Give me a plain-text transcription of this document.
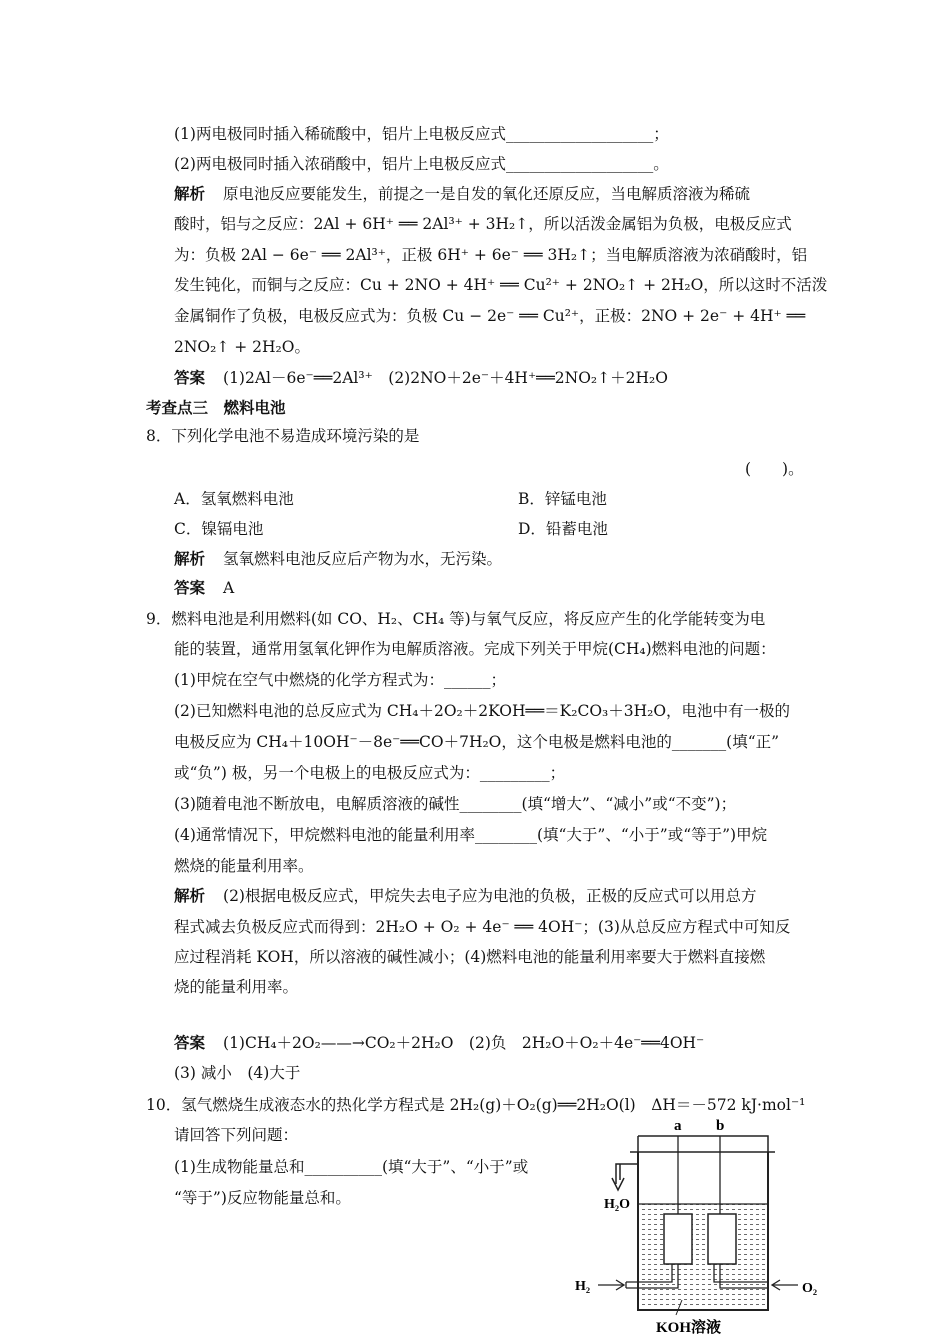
(1)两电极同时插入稀硫酸中，铝片上电极反应式___________________；
(2)两电极同时插入浓硝酸中，铝片上电极反应式___________________。
解析 原电池反应要能发生，前提之一是自发的氧化还原反应，当电解质溶液为稀硫
酸时，铝与之反应：2Al + 6H⁺ ══ 2Al³⁺ + 3H₂↑，所以活泼金属铝为负极，电极反应式
为：负极 2Al − 6e⁻ ══ 2Al³⁺，正极 6H⁺ + 6e⁻ ══ 3H₂↑；当电解质溶液为浓硝酸时，铝
发生钝化，而铜与之反应：Cu + 2NO + 4H⁺ ══ Cu²⁺ + 2NO₂↑ + 2H₂O，所以这时不活泼
金属铜作了负极，电极反应式为：负极 Cu − 2e⁻ ══ Cu²⁺，正极：2NO + 2e⁻ + 4H⁺ ══
2NO₂↑ + 2H₂O。
答案 (1)2Al－6e⁻══2Al³⁺　(2)2NO＋2e⁻＋4H⁺══2NO₂↑＋2H₂O
考查点三　燃料电池
8．下列化学电池不易造成环境污染的是
(　　)。
A．氢氧燃料电池	B．锌锰电池
C．镍镉电池	D．铅蓄电池
解析 氢氧燃料电池反应后产物为水，无污染。
答案 A
9．燃料电池是利用燃料(如 CO、H₂、CH₄ 等)与氧气反应，将反应产生的化学能转变为电
能的装置，通常用氢氧化钾作为电解质溶液。完成下列关于甲烷(CH₄)燃料电池的问题：
(1)甲烷在空气中燃烧的化学方程式为：______；
(2)已知燃料电池的总反应式为 CH₄＋2O₂＋2KOH══＝K₂CO₃＋3H₂O，电池中有一极的
电极反应为 CH₄＋10OH⁻－8e⁻══CO＋7H₂O，这个电极是燃料电池的_______(填“正”
或“负”) 极，另一个电极上的电极反应式为：_________；
(3)随着电池不断放电，电解质溶液的碱性________(填“增大”、“减小”或“不变”)；
(4)通常情况下，甲烷燃料电池的能量利用率________(填“大于”、“小于”或“等于”)甲烷
燃烧的能量利用率。
解析 (2)根据电极反应式，甲烷失去电子应为电池的负极，正极的反应式可以用总方
程式减去负极反应式而得到：2H₂O + O₂ + 4e⁻ ══ 4OH⁻；(3)从总反应方程式中可知反
应过程消耗 KOH，所以溶液的碱性减小；(4)燃料电池的能量利用率要大于燃料直接燃
烧的能量利用率。
答案 (1)CH₄＋2O₂——→CO₂＋2H₂O　(2)负　2H₂O＋O₂＋4e⁻══4OH⁻
(3) 减小　(4)大于
10．氢气燃烧生成液态水的热化学方程式是 2H₂(g)＋O₂(g)══2H₂O(l)　ΔH＝－572 kJ·mol⁻¹
请回答下列问题：
(1)生成物能量总和__________(填“大于”、“小于”或
“等于”)反应物能量总和。
a b
H₂O
H₂	O₂
KOH溶液
